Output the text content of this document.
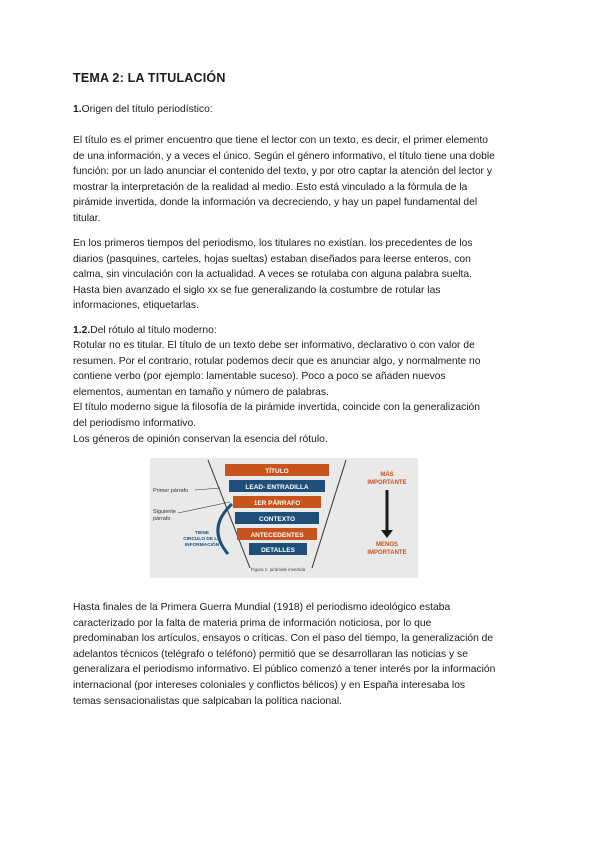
TEMA 2: LA TITULACIÓN

1.Origen del título periodístico:

El título es el primer encuentro que tiene el lector con un texto, es decir, el primer elemento
de una información, y a veces el único. Según el género informativo, el título tiene una doble
función: por un lado anunciar el contenido del texto, y por otro captar la atención del lector y
mostrar la interpretación de la realidad al medio. Esto está vinculado a la fórmula de la
pirámide invertida, donde la información va decreciendo, y hay un papel fundamental del
titular.
En los primeros tiempos del periodismo, los titulares no existían. los precedentes de los
diarios (pasquines, carteles, hojas sueltas) estaban diseñados para leerse enteros, con
calma, sin vinculación con la actualidad. A veces se rotulaba con alguna palabra suelta.
Hasta bien avanzado el siglo xx se fue generalizando la costumbre de rotular las
informaciones, etiquetarlas.

1.2.Del rótulo al título moderno:

Rotular no es titular. El título de un texto debe ser informativo, declarativo o con valor de
resumen. Por el contrario, rotular podemos decir que es anunciar algo, y normalmente no
contiene verbo (por ejemplo: lamentable suceso). Poco a poco se añaden nuevos
elementos, aumentan en tamaño y número de palabras.
El título moderno sigue la filosofía de la pirámide invertida, coincide con la generalización
del periodismo informativo.
Los géneros de opinión conservan la esencia del rótulo.
TÍTULO
LEAD- ENTRADILLA
1ER PÁRRAFO
CONTEXTO
ANTECEDENTES
DETALLES
Primer párrafo
Siguiente
párrafo
TIENE
CIRCULO DE LA
INFORMACIÓN
MÁS
IMPORTANTE
MENOS
IMPORTANTE
Figura 1: pirámide invertida
Hasta finales de la Primera Guerra Mundial (1918) el periodismo ideológico estaba
caracterizado por la falta de materia prima de información noticiosa, por lo que
predominaban los artículos, ensayos o críticas. Con el paso del tiempo, la generalización de
adelantos técnicos (telégrafo o teléfono) permitió que se desarrollaran las noticias y se
generalizara el periodismo informativo. El público comenzó a tener interés por la información
internacional (por intereses coloniales y conflictos bélicos) y en España interesaba los
temas sensacionalistas que salpicaban la política nacional.
